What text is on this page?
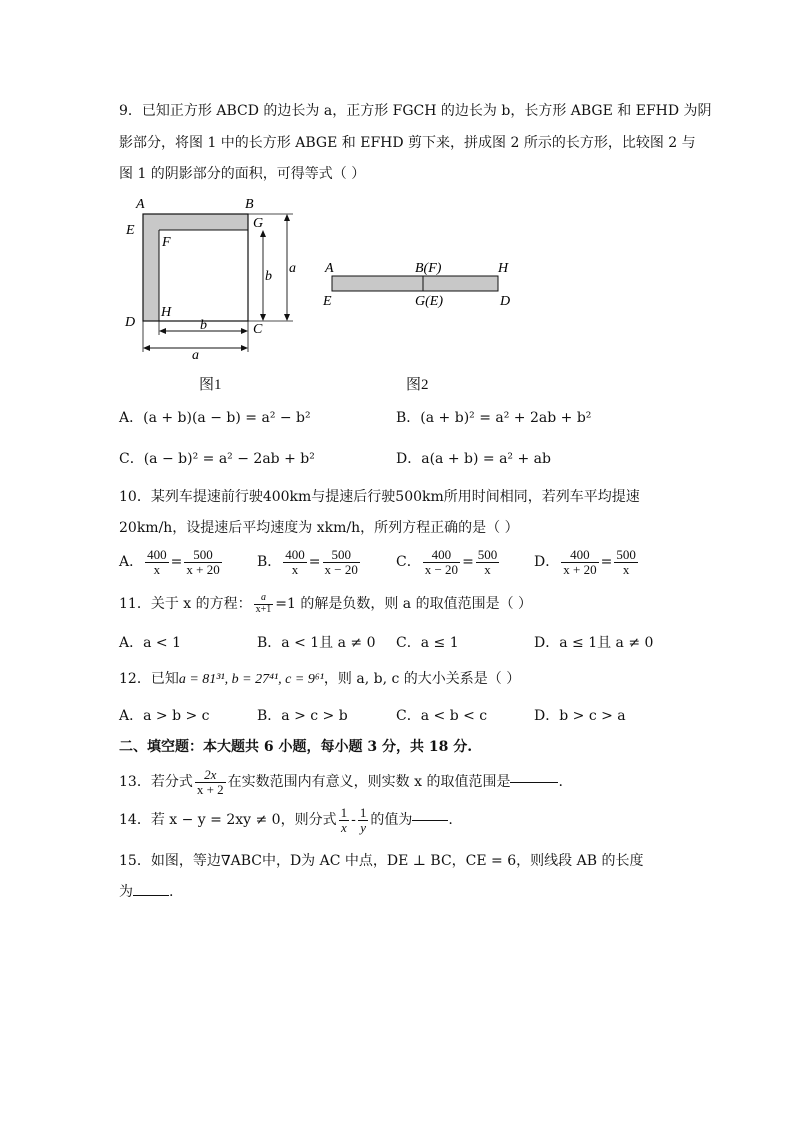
9．已知正方形 ABCD 的边长为 a，正方形 FGCH 的边长为 b，长方形 ABGE 和 EFHD 为阴
影部分，将图 1 中的长方形 ABGE 和 EFHD 剪下来，拼成图 2 所示的长方形，比较图 2 与
图 1 的阴影部分的面积，可得等式（ ）
A	B
E	G
F
D
H
C
a
b
b
a
A	B(F)	H
E	G(E)	D
图1	图2
A．(a + b)(a − b) = a² − b²	B．(a + b)² = a² + 2ab + b²
C．(a − b)² = a² − 2ab + b²	D．a(a + b) = a² + ab
10．某列车提速前行驶400km与提速后行驶500km所用时间相同，若列车平均提速
20km/h，设提速后平均速度为 xkm/h，所列方程正确的是（ ）
A． $\frac{400}{x} = \frac{500}{x + 20}$	B． $\frac{400}{x} = \frac{500}{x - 20}$	C． $\frac{400}{x - 20} = \frac{500}{x}$ D． $\frac{400}{x + 20} = \frac{500}{x}$
11．关于 x 的方程： $\frac{a}{x+1} =1$ 的解是负数，则 a 的取值范围是（ ）
A．a < 1	B．a < 1且 a ≠ 0 C．a ≤ 1	D．a ≤ 1且 a ≠ 0
12．已知a = 81³¹, b = 27⁴¹, c = 9⁶¹，则 a, b, c 的大小关系是（ ）
A．a > b > c	B．a > c > b	C．a < b < c	D．b > c > a
二、填空题：本大题共 6 小题，每小题 3 分，共 18 分.
13．若分式 $\frac{2x}{x + 2}$ 在实数范围内有意义，则实数 x 的取值范围是	.
14．若 x − y = 2xy ≠ 0，则分式 $\frac{1}{x} - \frac{1}{y}$ 的值为	.
15．如图，等边∇ABC中，D为 AC 中点，DE ⊥ BC，CE = 6，则线段 AB 的长度
为	.
